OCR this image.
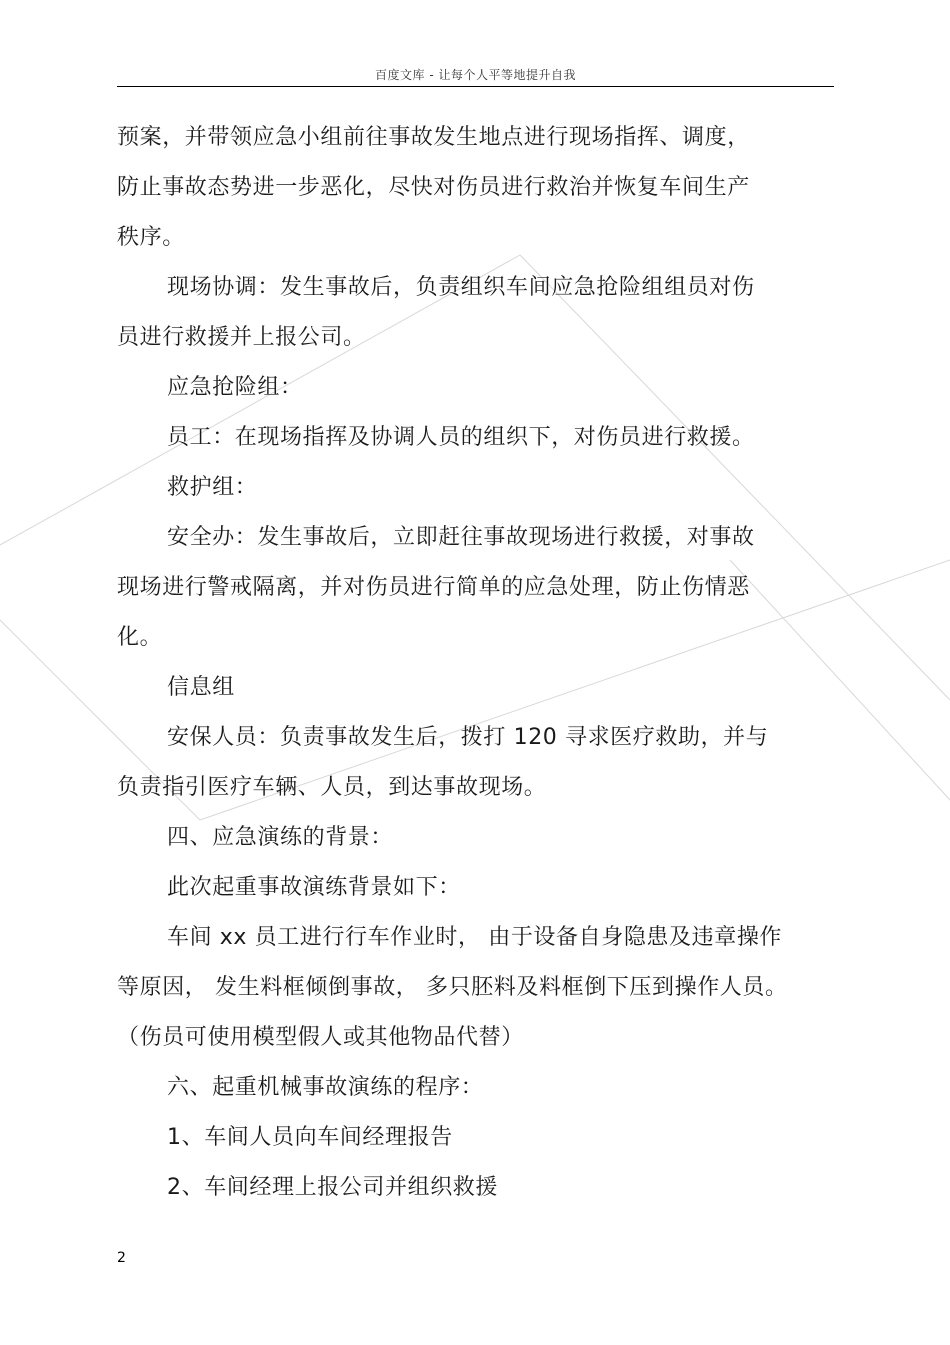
百度文库 - 让每个人平等地提升自我
预案，并带领应急小组前往事故发生地点进行现场指挥、调度，
防止事故态势进一步恶化，尽快对伤员进行救治并恢复车间生产
秩序。
现场协调：发生事故后，负责组织车间应急抢险组组员对伤
员进行救援并上报公司。
应急抢险组：
员工：在现场指挥及协调人员的组织下，对伤员进行救援。
救护组：
安全办：发生事故后，立即赶往事故现场进行救援，对事故
现场进行警戒隔离，并对伤员进行简单的应急处理，防止伤情恶
化。
信息组
安保人员：负责事故发生后，拨打 120 寻求医疗救助，并与
负责指引医疗车辆、人员，到达事故现场。
四、应急演练的背景：
此次起重事故演练背景如下：
车间 xx 员工进行行车作业时， 由于设备自身隐患及违章操作
等原因， 发生料框倾倒事故， 多只胚料及料框倒下压到操作人员。
（伤员可使用模型假人或其他物品代替）
六、起重机械事故演练的程序：
1、车间人员向车间经理报告
2、车间经理上报公司并组织救援
2
